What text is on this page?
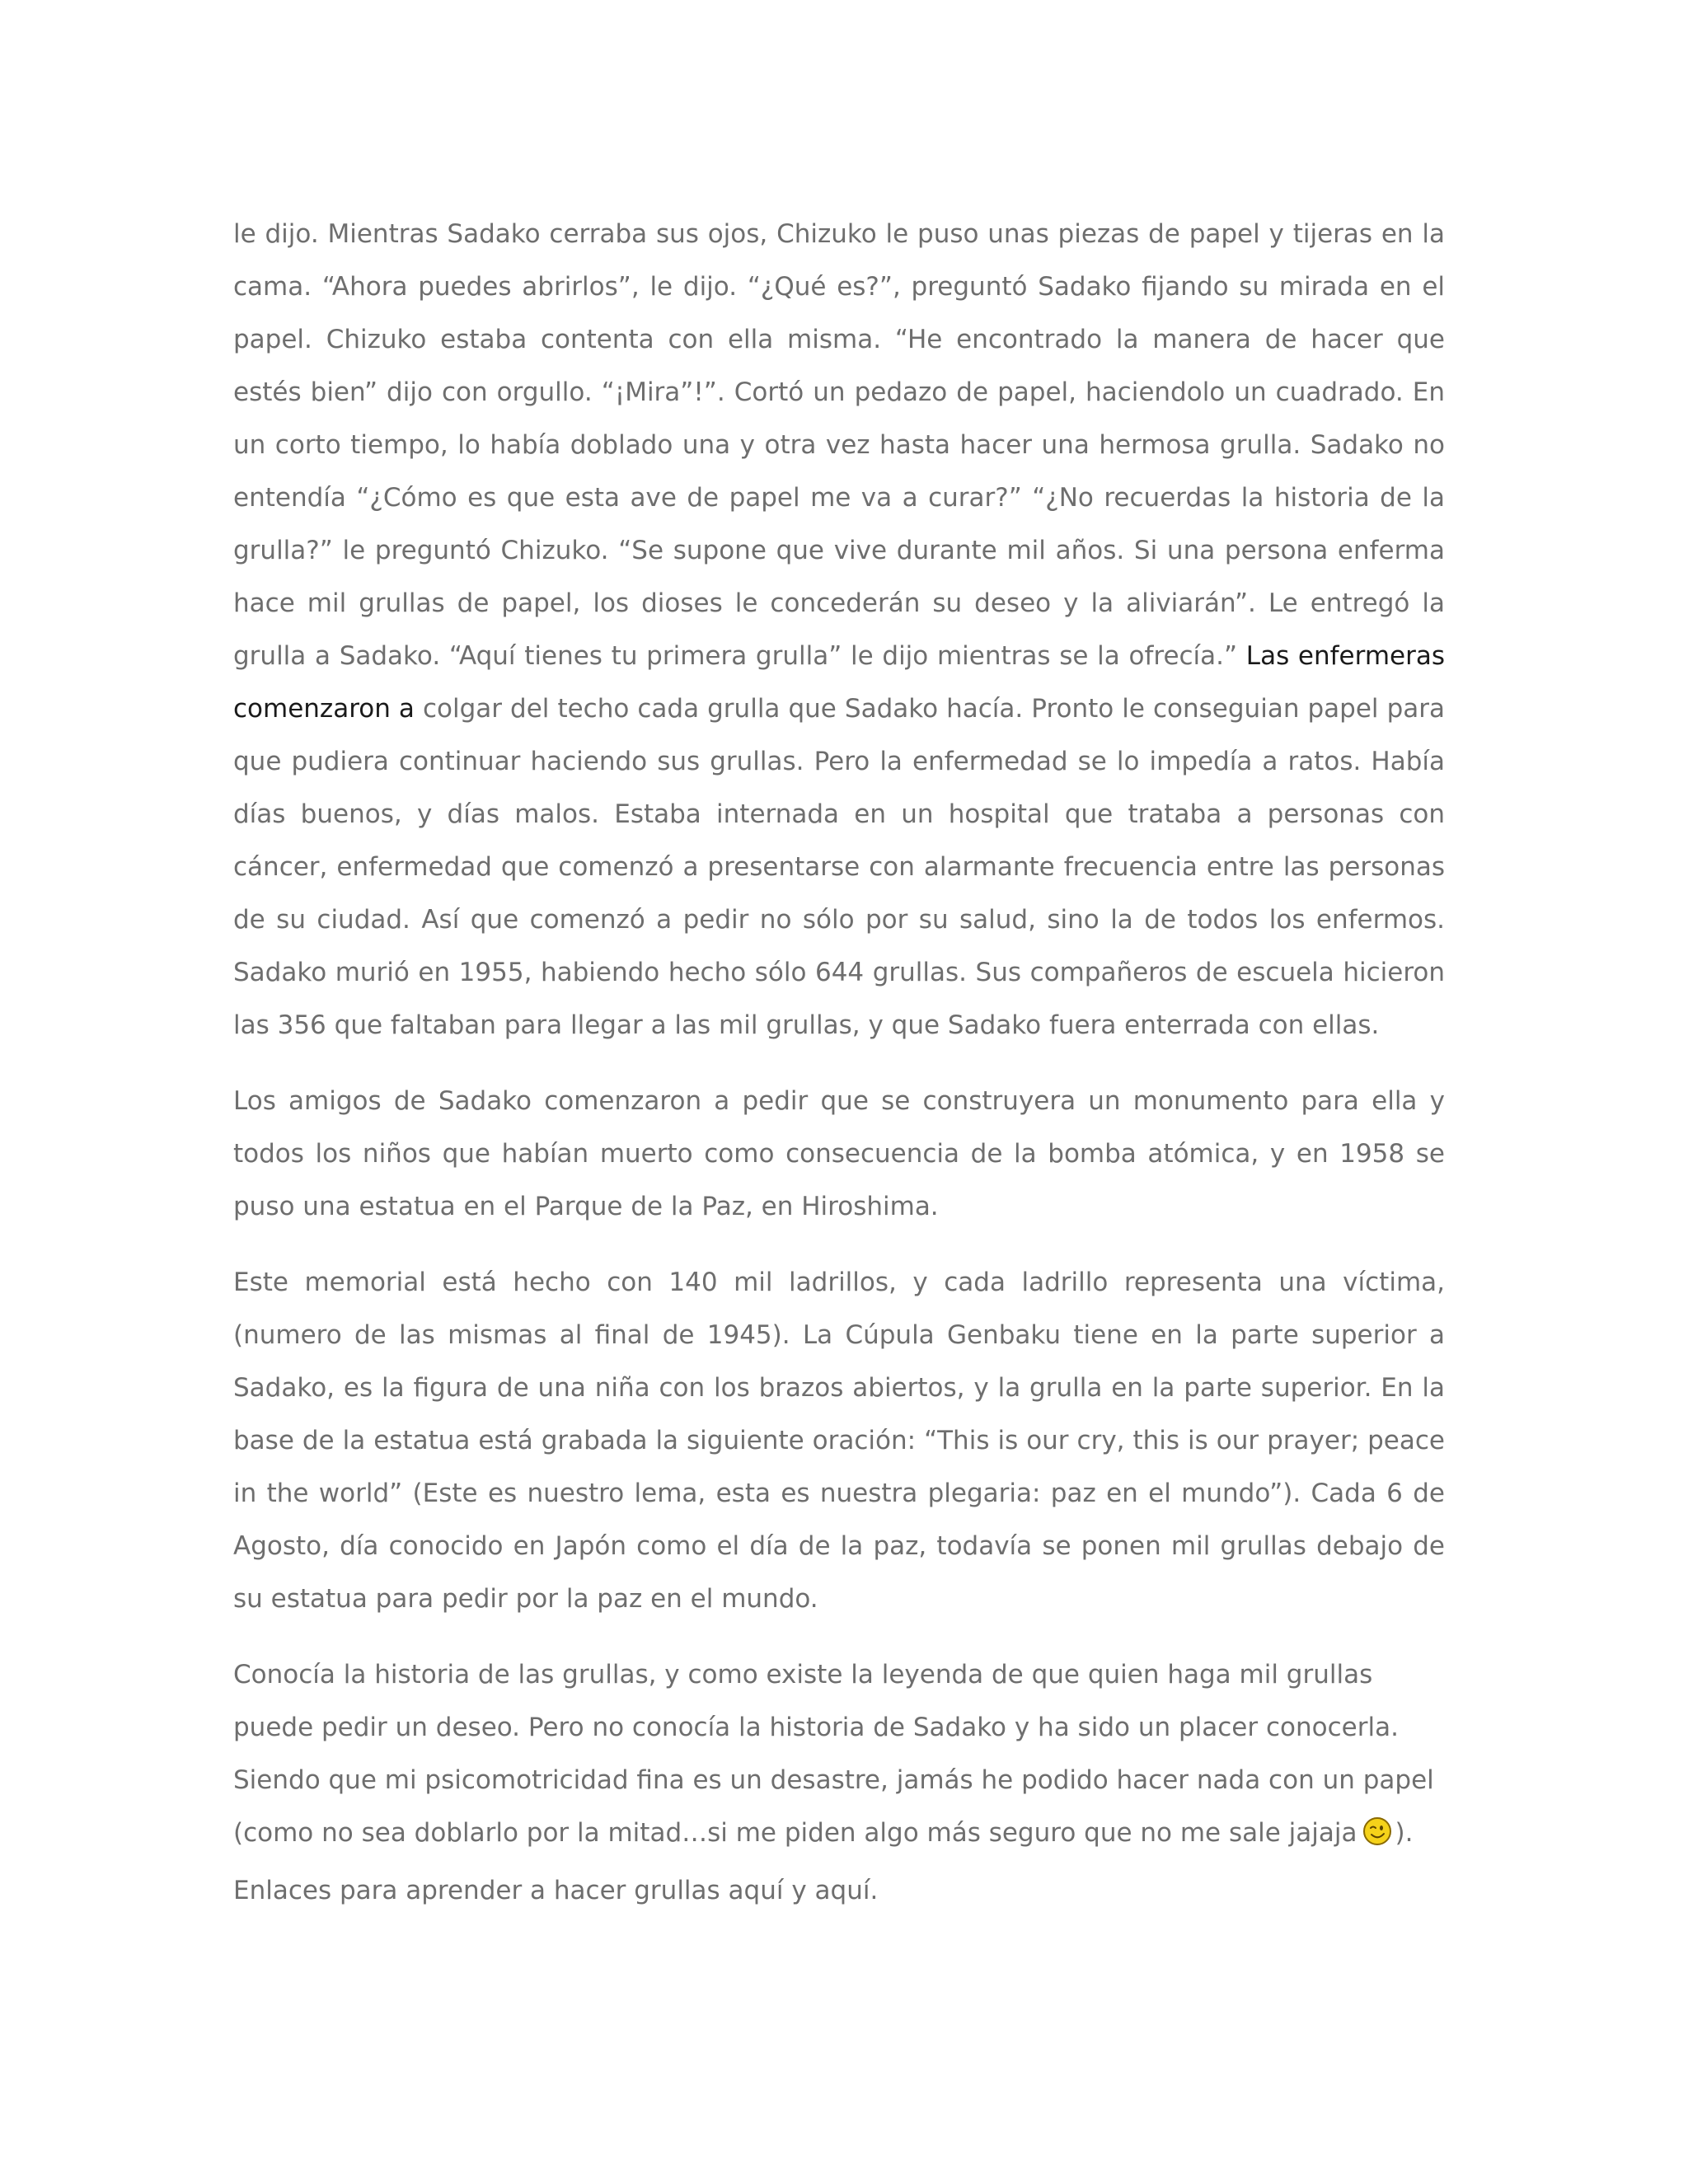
le dijo. Mientras Sadako cerraba sus ojos, Chizuko le puso unas piezas de papel y tijeras en la cama. “Ahora puedes abrirlos”, le dijo. “¿Qué es?”, preguntó Sadako fijando su mirada en el papel. Chizuko estaba contenta con ella misma. “He encontrado la manera de hacer que estés bien” dijo con orgullo. “¡Mira”!”. Cortó un pedazo de papel, haciendolo un cuadrado. En un corto tiempo, lo había doblado una y otra vez hasta hacer una hermosa grulla. Sadako no entendía “¿Cómo es que esta ave de papel me va a curar?” “¿No recuerdas la historia de la grulla?” le preguntó Chizuko. “Se supone que vive durante mil años. Si una persona enferma hace mil grullas de papel, los dioses le concederán su deseo y la aliviarán”. Le entregó la grulla a Sadako. “Aquí tienes tu primera grulla” le dijo mientras se la ofrecía.” Las enfermeras comenzaron a colgar del techo cada grulla que Sadako hacía. Pronto le conseguian papel para que pudiera continuar haciendo sus grullas. Pero la enfermedad se lo impedía a ratos. Había días buenos, y días malos. Estaba internada en un hospital que trataba a personas con cáncer, enfermedad que comenzó a presentarse con alarmante frecuencia entre las personas de su ciudad. Así que comenzó a pedir no sólo por su salud, sino la de todos los enfermos. Sadako murió en 1955, habiendo hecho sólo 644 grullas. Sus compañeros de escuela hicieron las 356 que faltaban para llegar a las mil grullas, y que Sadako fuera enterrada con ellas.

Los amigos de Sadako comenzaron a pedir que se construyera un monumento para ella y todos los niños que habían muerto como consecuencia de la bomba atómica, y en 1958 se puso una estatua en el Parque de la Paz, en Hiroshima.

Este memorial está hecho con 140 mil ladrillos, y cada ladrillo representa una víctima, (numero de las mismas al final de 1945). La Cúpula Genbaku tiene en la parte superior a Sadako, es la figura de una niña con los brazos abiertos, y la grulla en la parte superior. En la base de la estatua está grabada la siguiente oración: “This is our cry, this is our prayer; peace in the world” (Este es nuestro lema, esta es nuestra plegaria: paz en el mundo”). Cada 6 de Agosto, día conocido en Japón como el día de la paz, todavía se ponen mil grullas debajo de su estatua para pedir por la paz en el mundo.

Conocía la historia de las grullas, y como existe la leyenda de que quien haga mil grullas puede pedir un deseo. Pero no conocía la historia de Sadako y ha sido un placer conocerla. Siendo que mi psicomotricidad fina es un desastre, jamás he podido hacer nada con un papel (como no sea doblarlo por la mitad…si me piden algo más seguro que no me sale jajaja ). Enlaces para aprender a hacer grullas aquí y aquí.
